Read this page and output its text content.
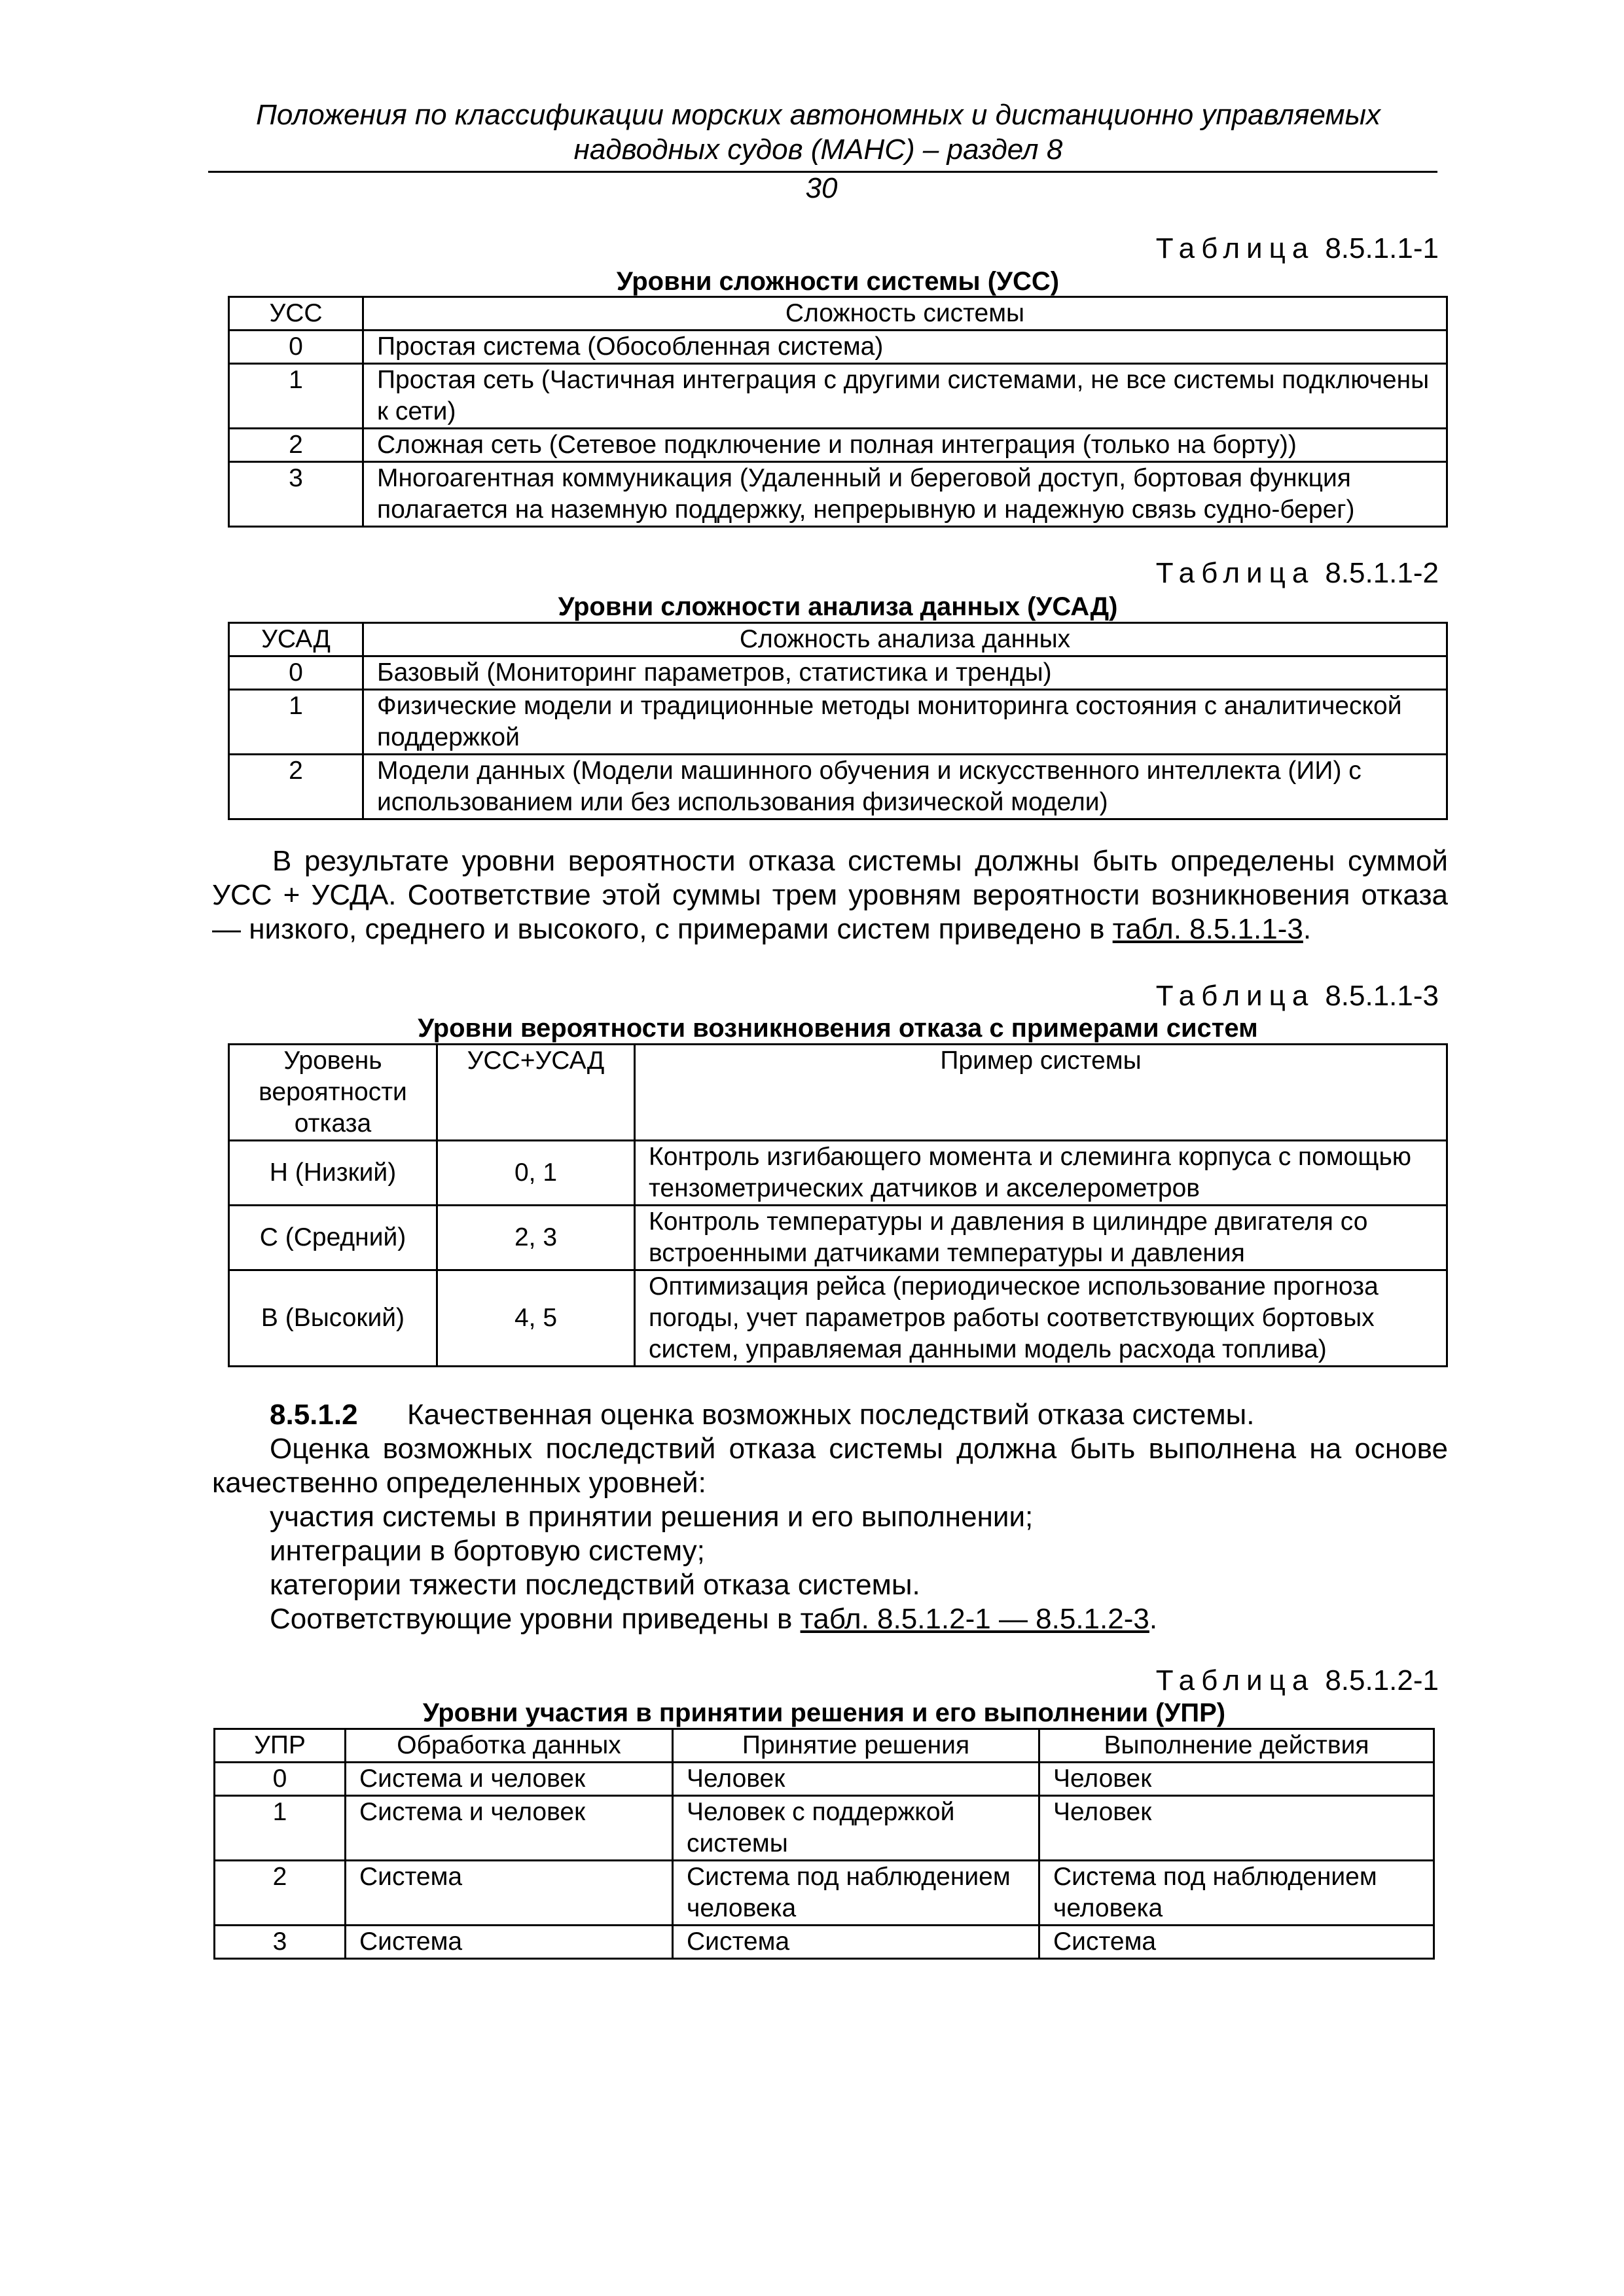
Положения по классификации морских автономных и дистанционно управляемых
надводных судов (МАНС) – раздел 8
30
Таблица 8.5.1.1-1
Уровни сложности системы (УСС)
УСС	Сложность системы
0	Простая система (Обособленная система)
1	Простая сеть (Частичная интеграция с другими системами, не все системы подключены к сети)
2	Сложная сеть (Сетевое подключение и полная интеграция (только на борту))
3	Многоагентная коммуникация (Удаленный и береговой доступ, бортовая функция полагается на наземную поддержку, непрерывную и надежную связь судно-берег)
Таблица 8.5.1.1-2
Уровни сложности анализа данных (УСАД)
УСАД	Сложность анализа данных
0	Базовый (Мониторинг параметров, статистика и тренды)
1	Физические модели и традиционные методы мониторинга состояния с аналитической поддержкой
2	Модели данных (Модели машинного обучения и искусственного интеллекта (ИИ) с использованием или без использования физической модели)
В результате уровни вероятности отказа системы должны быть определены суммой УСС + УСДА. Соответствие этой суммы трем уровням вероятности возникновения отказа — низкого, среднего и высокого, с примерами систем приведено в табл. 8.5.1.1-3.
Таблица 8.5.1.1-3
Уровни вероятности возникновения отказа с примерами систем
Уровень вероятности отказа	УСС+УСАД	Пример системы
Н (Низкий)	0, 1	Контроль изгибающего момента и слеминга корпуса с помощью тензометрических датчиков и акселерометров
С (Средний)	2, 3	Контроль температуры и давления в цилиндре двигателя со встроенными датчиками температуры и давления
В (Высокий)	4, 5	Оптимизация рейса (периодическое использование прогноза погоды, учет параметров работы соответствующих бортовых систем, управляемая данными модель расхода топлива)
8.5.1.2 Качественная оценка возможных последствий отказа системы.
Оценка возможных последствий отказа системы должна быть выполнена на основе качественно определенных уровней:
участия системы в принятии решения и его выполнении;
интеграции в бортовую систему;
категории тяжести последствий отказа системы.
Соответствующие уровни приведены в табл. 8.5.1.2-1 — 8.5.1.2-3.
Таблица 8.5.1.2-1
Уровни участия в принятии решения и его выполнении (УПР)
УПР	Обработка данных	Принятие решения	Выполнение действия
0	Система и человек	Человек	Человек
1	Система и человек	Человек с поддержкой системы	Человек
2	Система	Система под наблюдением человека	Система под наблюдением человека
3	Система	Система	Система
